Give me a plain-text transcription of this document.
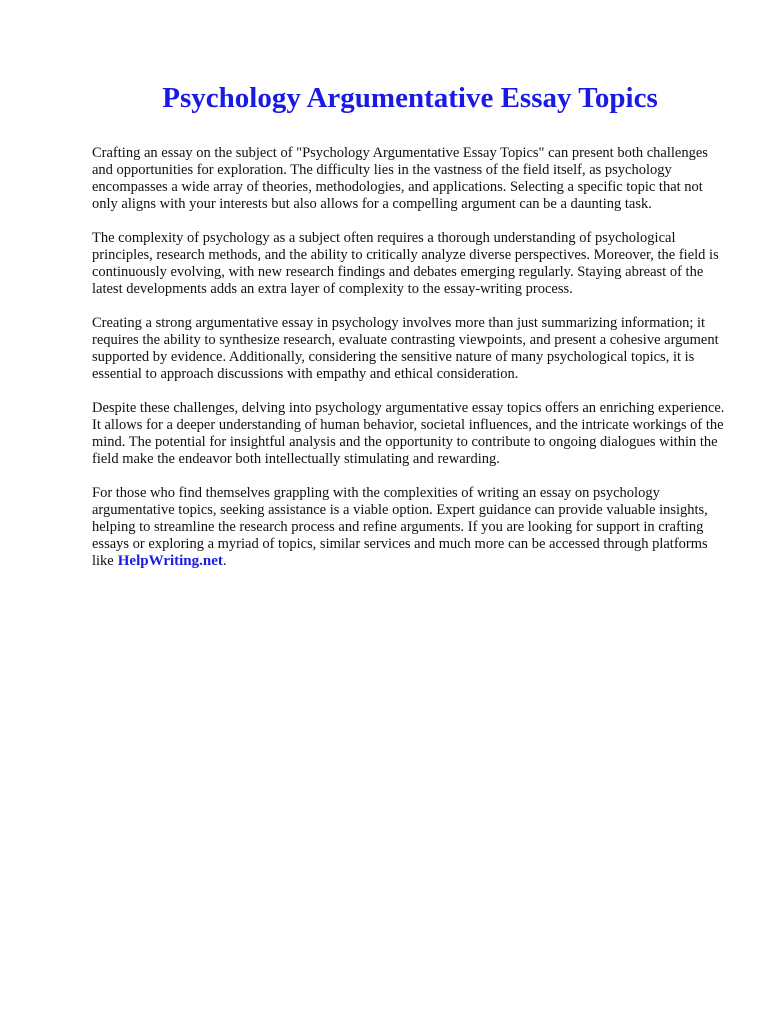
Psychology Argumentative Essay Topics

Crafting an essay on the subject of "Psychology Argumentative Essay Topics" can present both challenges and opportunities for exploration. The difficulty lies in the vastness of the field itself, as psychology encompasses a wide array of theories, methodologies, and applications. Selecting a specific topic that not only aligns with your interests but also allows for a compelling argument can be a daunting task.

The complexity of psychology as a subject often requires a thorough understanding of psychological principles, research methods, and the ability to critically analyze diverse perspectives. Moreover, the field is continuously evolving, with new research findings and debates emerging regularly. Staying abreast of the latest developments adds an extra layer of complexity to the essay-writing process.

Creating a strong argumentative essay in psychology involves more than just summarizing information; it requires the ability to synthesize research, evaluate contrasting viewpoints, and present a cohesive argument supported by evidence. Additionally, considering the sensitive nature of many psychological topics, it is essential to approach discussions with empathy and ethical consideration.

Despite these challenges, delving into psychology argumentative essay topics offers an enriching experience. It allows for a deeper understanding of human behavior, societal influences, and the intricate workings of the mind. The potential for insightful analysis and the opportunity to contribute to ongoing dialogues within the field make the endeavor both intellectually stimulating and rewarding.

For those who find themselves grappling with the complexities of writing an essay on psychology argumentative topics, seeking assistance is a viable option. Expert guidance can provide valuable insights, helping to streamline the research process and refine arguments. If you are looking for support in crafting essays or exploring a myriad of topics, similar services and much more can be accessed through platforms like HelpWriting.net.
